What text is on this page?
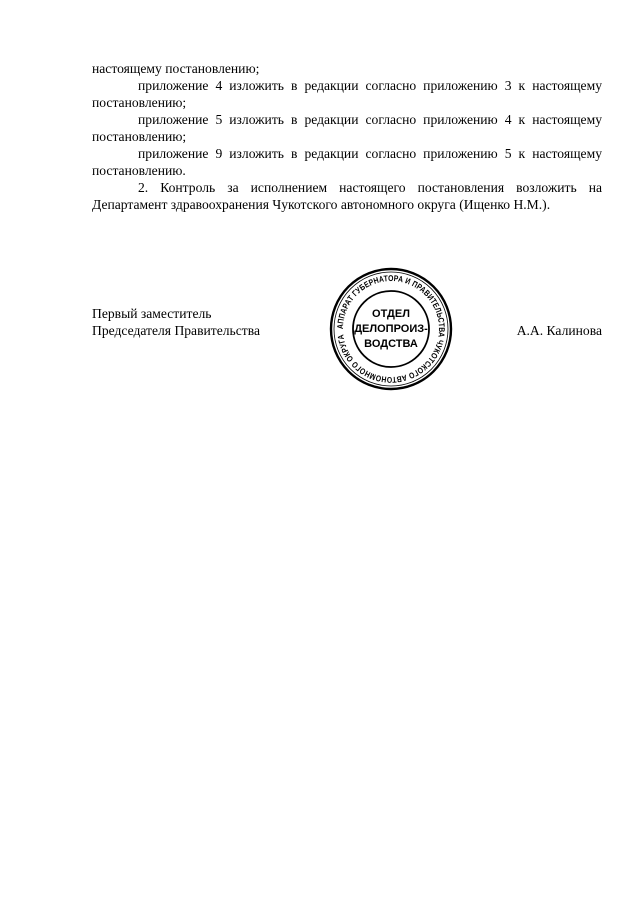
настоящему постановлению;

приложение 4 изложить в редакции согласно приложению 3 к настоящему постановлению;

приложение 5 изложить в редакции согласно приложению 4 к настоящему постановлению;

приложение 9 изложить в редакции согласно приложению 5 к настоящему постановлению.

2. Контроль за исполнением настоящего постановления возложить на Департамент здравоохранения Чукотского автономного округа (Ищенко Н.М.).

Первый заместитель
Председателя Правительства	А.А. Калинова
АППАРАТ ГУБЕРНАТОРА И ПРАВИТЕЛЬСТВА ЧУКОТСКОГО АВТОНОМНОГО ОКРУГА
ОТДЕЛ
ДЕЛОПРОИЗ-
ВОДСТВА
